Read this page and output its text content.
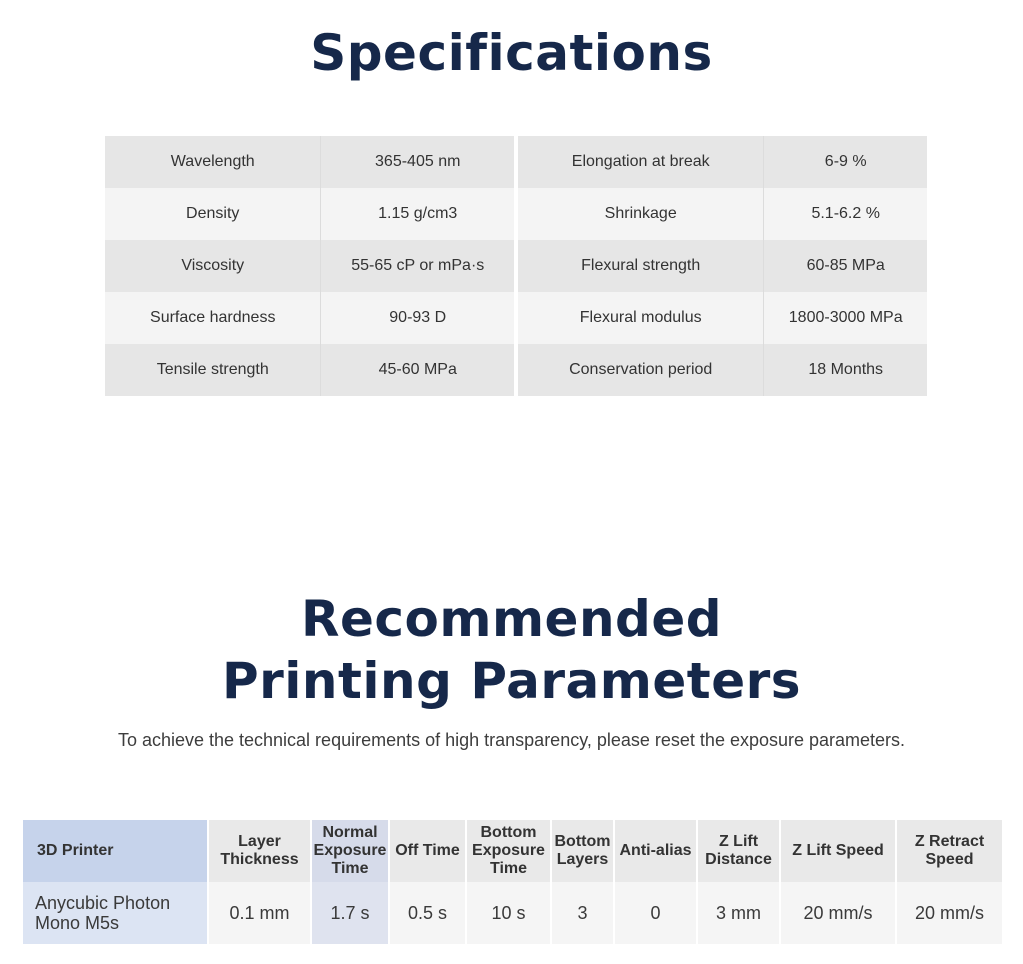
Specifications
Wavelength	365-405 nm
Density	1.15 g/cm3
Viscosity	55-65 cP or mPa·s
Surface hardness	90-93 D
Tensile strength	45-60 MPa
Elongation at break	6-9 %
Shrinkage	5.1-6.2 %
Flexural strength	60-85 MPa
Flexural modulus	1800-3000 MPa
Conservation period	18 Months
Recommended
Printing Parameters
To achieve the technical requirements of high transparency, please reset the exposure parameters.
3D Printer	Layer Thickness	Normal Exposure Time	Off Time	Bottom Exposure Time	Bottom Layers	Anti-alias	Z Lift Distance	Z Lift Speed	Z Retract Speed
Anycubic Photon Mono M5s	0.1 mm	1.7 s	0.5 s	10 s	3	0	3 mm	20 mm/s	20 mm/s
